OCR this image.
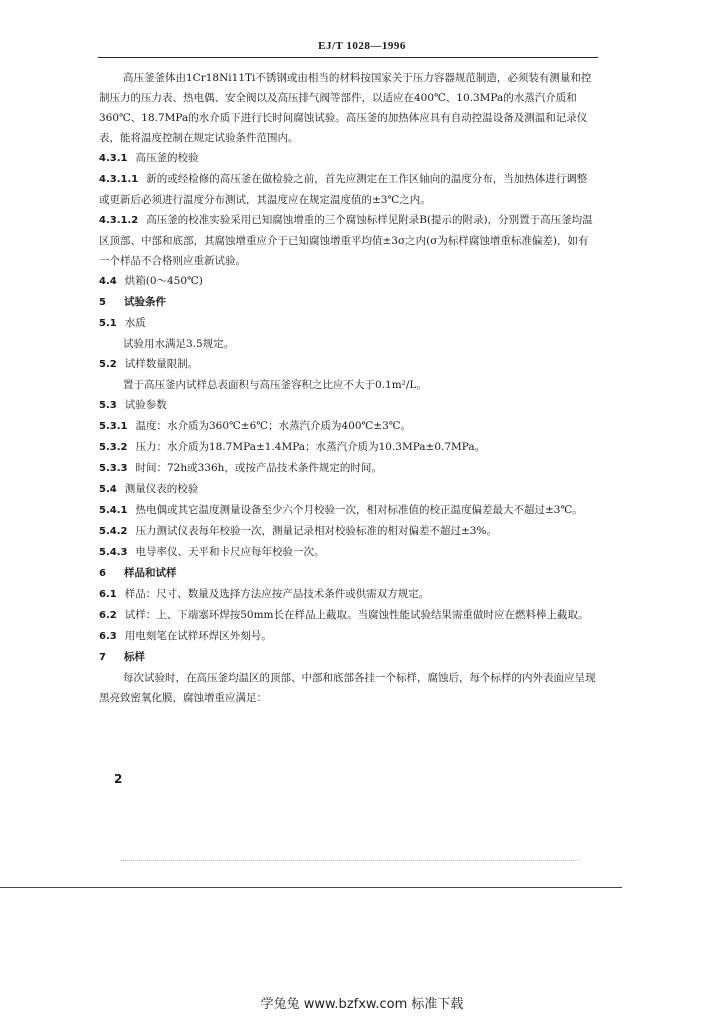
EJ/T 1028—1996

高压釜釜体由1Cr18Ni11Ti不锈钢或由相当的材料按国家关于压力容器规范制造，必须装有测量和控制压力的压力表、热电偶、安全阀以及高压排气阀等部件，以适应在400℃、10.3MPa的水蒸汽介质和360℃、18.7MPa的水介质下进行长时间腐蚀试验。高压釜的加热体应具有自动控温设备及测温和记录仪表，能将温度控制在规定试验条件范围内。

4.3.1 高压釜的校验

4.3.1.1 新的或经检修的高压釜在做检验之前，首先应测定在工作区轴向的温度分布，当加热体进行调整或更新后必须进行温度分布测试，其温度应在规定温度值的±3℃之内。

4.3.1.2 高压釜的校准实验采用已知腐蚀增重的三个腐蚀标样见附录B(提示的附录)，分别置于高压釜均温区顶部、中部和底部，其腐蚀增重应介于已知腐蚀增重平均值±3σ之内(σ为标样腐蚀增重标准偏差)，如有一个样品不合格则应重新试验。

4.4 烘箱(0～450℃)

5 试验条件

5.1 水质

试验用水满足3.5规定。

5.2 试样数量限制。

置于高压釜内试样总表面积与高压釜容积之比应不大于0.1m²/L。

5.3 试验参数

5.3.1 温度：水介质为360℃±6℃；水蒸汽介质为400℃±3℃。

5.3.2 压力：水介质为18.7MPa±1.4MPa；水蒸汽介质为10.3MPa±0.7MPa。

5.3.3 时间：72h或336h，或按产品技术条件规定的时间。

5.4 测量仪表的校验

5.4.1 热电偶或其它温度测量设备至少六个月校验一次，相对标准值的校正温度偏差最大不超过±3℃。

5.4.2 压力测试仪表每年校验一次，测量记录相对校验标准的相对偏差不超过±3%。

5.4.3 电导率仪、天平和卡尺应每年校验一次。

6 样品和试样

6.1 样品：尺寸、数量及选择方法应按产品技术条件或供需双方规定。

6.2 试样：上、下端塞环焊按50mm长在样品上截取。当腐蚀性能试验结果需重做时应在燃料棒上截取。

6.3 用电刻笔在试样环焊区外刻号。

7 标样

每次试验时，在高压釜均温区的顶部、中部和底部各挂一个标样，腐蚀后，每个标样的内外表面应呈现黑亮致密氧化膜，腐蚀增重应满足：

2
学兔兔 www.bzfxw.com 标准下载
